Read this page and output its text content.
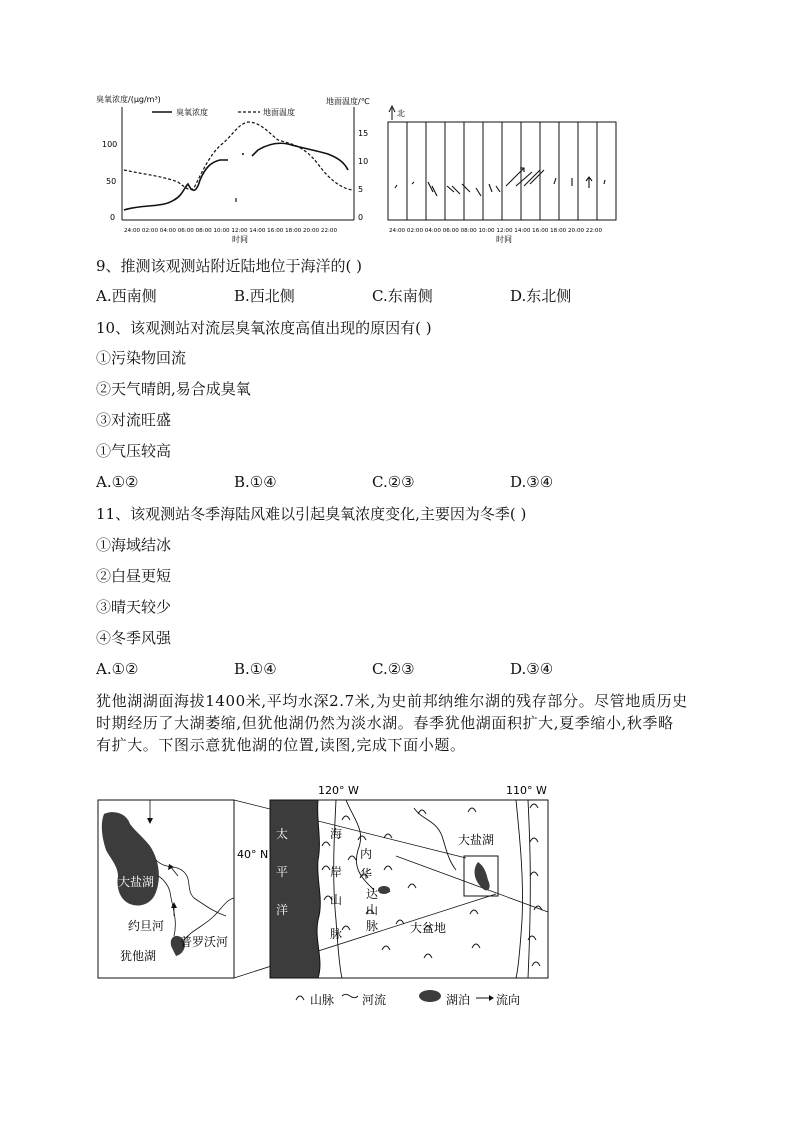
臭氧浓度/(μg/m³)	地面温度/℃
臭氧浓度	地面温度
100
50
0
15
10
5
0
24:00 02:00 04:00 06:00 08:00 10:00 12:00 14:00 16:00 18:00 20:00 22:00
时间
北
24:00 02:00 04:00 06:00 08:00 10:00 12:00 14:00 16:00 18:00 20:00 22:00
时间
9、推测该观测站附近陆地位于海洋的( )
A.西南侧	B.西北侧	C.东南侧	D.东北侧
10、该观测站对流层臭氧浓度高值出现的原因有( )
①污染物回流
②天气晴朗,易合成臭氧
③对流旺盛
①气压较高
A.①②	B.①④	C.②③	D.③④
11、该观测站冬季海陆风难以引起臭氧浓度变化,主要因为冬季( )
①海域结冰
②白昼更短
③晴天较少
④冬季风强
A.①②	B.①④	C.②③	D.③④
犹他湖湖面海拔1400米,平均水深2.7米,为史前邦纳维尔湖的残存部分。尽管地质历史
时期经历了大湖萎缩,但犹他湖仍然为淡水湖。春季犹他湖面积扩大,夏季缩小,秋季略
有扩大。下图示意犹他湖的位置,读图,完成下面小题。
太
平
洋
120° W	110° W
40° N
海
岸
山
脉
内
华
达
山
脉	大盆地
大盐湖
大盐湖
约旦河
普罗沃河
犹他湖
山脉 河流	湖泊 流向
